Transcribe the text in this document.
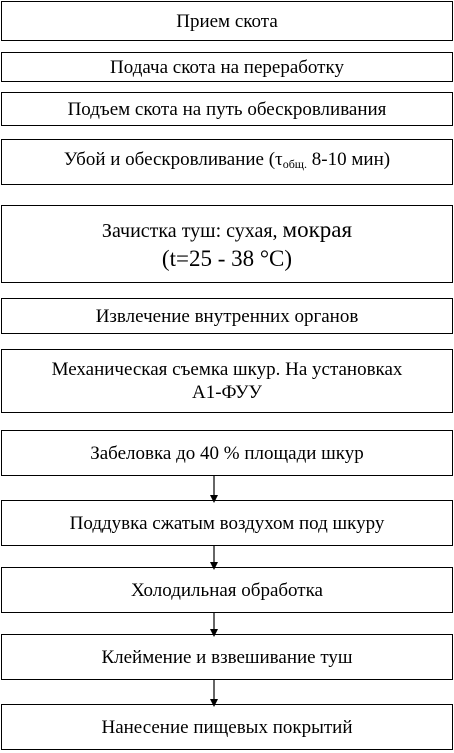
Прием скота
Подача скота на переработку
Подъем скота на путь обескровливания
Убой и обескровливание ($\tau_{общ.}$ 8-10 мин)
Зачистка туш: сухая, мокрая
(t=25 - 38 °C)
Извлечение внутренних органов
Механическая съемка шкур. На установках
А1-ФУУ
Забеловка до 40 % площади шкур
Поддувка сжатым воздухом под шкуру
Холодильная обработка
Клеймение и взвешивание туш
Нанесение пищевых покрытий
